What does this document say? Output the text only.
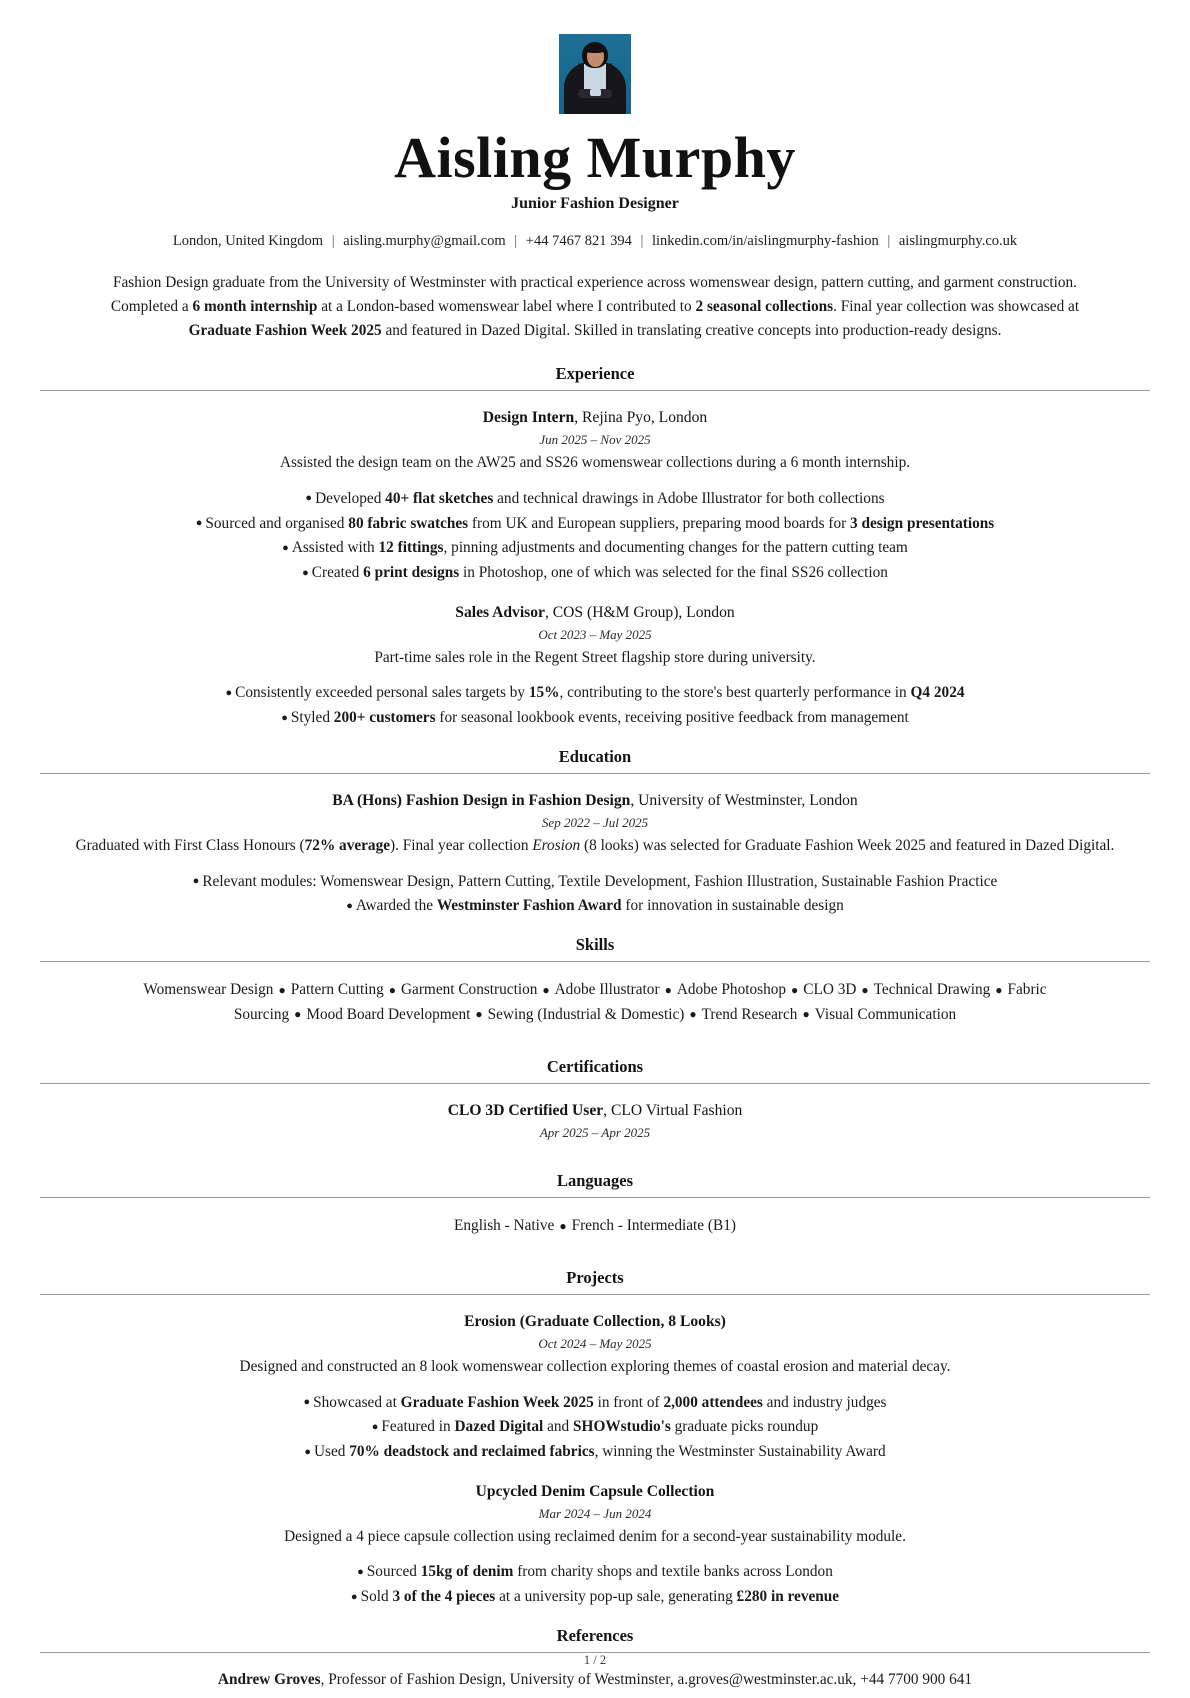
Aisling Murphy
Junior Fashion Designer
London, United Kingdom | aisling.murphy@gmail.com | +44 7467 821 394 | linkedin.com/in/aislingmurphy-fashion | aislingmurphy.co.uk

Fashion Design graduate from the University of Westminster with practical experience across womenswear design, pattern cutting, and garment construction. Completed a 6 month internship at a London-based womenswear label where I contributed to 2 seasonal collections. Final year collection was showcased at Graduate Fashion Week 2025 and featured in Dazed Digital. Skilled in translating creative concepts into production-ready designs.

Experience
Design Intern, Rejina Pyo, London
Jun 2025 – Nov 2025
Assisted the design team on the AW25 and SS26 womenswear collections during a 6 month internship.
● Developed 40+ flat sketches and technical drawings in Adobe Illustrator for both collections
● Sourced and organised 80 fabric swatches from UK and European suppliers, preparing mood boards for 3 design presentations
● Assisted with 12 fittings, pinning adjustments and documenting changes for the pattern cutting team
● Created 6 print designs in Photoshop, one of which was selected for the final SS26 collection
Sales Advisor, COS (H&M Group), London
Oct 2023 – May 2025
Part-time sales role in the Regent Street flagship store during university.
● Consistently exceeded personal sales targets by 15%, contributing to the store's best quarterly performance in Q4 2024
● Styled 200+ customers for seasonal lookbook events, receiving positive feedback from management
Education
BA (Hons) Fashion Design in Fashion Design, University of Westminster, London
Sep 2022 – Jul 2025
Graduated with First Class Honours (72% average). Final year collection Erosion (8 looks) was selected for Graduate Fashion Week 2025 and featured in Dazed Digital.
● Relevant modules: Womenswear Design, Pattern Cutting, Textile Development, Fashion Illustration, Sustainable Fashion Practice
● Awarded the Westminster Fashion Award for innovation in sustainable design
Skills
Womenswear Design ● Pattern Cutting ● Garment Construction ● Adobe Illustrator ● Adobe Photoshop ● CLO 3D ● Technical Drawing ● Fabric Sourcing ● Mood Board Development ● Sewing (Industrial & Domestic) ● Trend Research ● Visual Communication
Certifications
CLO 3D Certified User, CLO Virtual Fashion
Apr 2025 – Apr 2025
Languages
English - Native ● French - Intermediate (B1)
Projects
Erosion (Graduate Collection, 8 Looks)
Oct 2024 – May 2025
Designed and constructed an 8 look womenswear collection exploring themes of coastal erosion and material decay.
● Showcased at Graduate Fashion Week 2025 in front of 2,000 attendees and industry judges
● Featured in Dazed Digital and SHOWstudio's graduate picks roundup
● Used 70% deadstock and reclaimed fabrics, winning the Westminster Sustainability Award
Upcycled Denim Capsule Collection
Mar 2024 – Jun 2024
Designed a 4 piece capsule collection using reclaimed denim for a second-year sustainability module.
● Sourced 15kg of denim from charity shops and textile banks across London
● Sold 3 of the 4 pieces at a university pop-up sale, generating £280 in revenue
References
Andrew Groves, Professor of Fashion Design, University of Westminster, a.groves@westminster.ac.uk, +44 7700 900 641
1 / 2
